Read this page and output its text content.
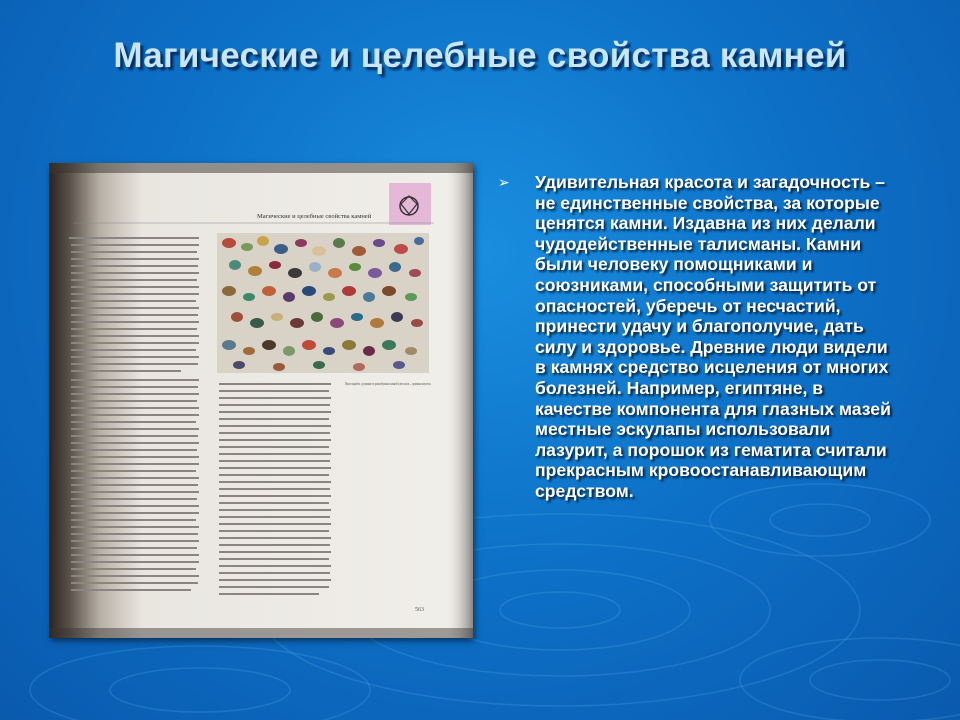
Магические и целебные свойства камней
Магические и целебные свойства камней
Жуки-скарабеи, сделанные из разнообразных камней и металлов — признаки амулеты.
563
➢ Удивительная красота и загадочность – не единственные свойства, за которые ценятся камни. Издавна из них делали чудодейственные талисманы. Камни были человеку помощниками и союзниками, способными защитить от опасностей, уберечь от несчастий, принести удачу и благополучие, дать силу и здоровье. Древние люди видели в камнях средство исцеления от многих болезней. Например, египтяне, в качестве компонента для глазных мазей местные эскулапы использовали лазурит, а порошок из гематита считали прекрасным кровоостанавливающим средством.
